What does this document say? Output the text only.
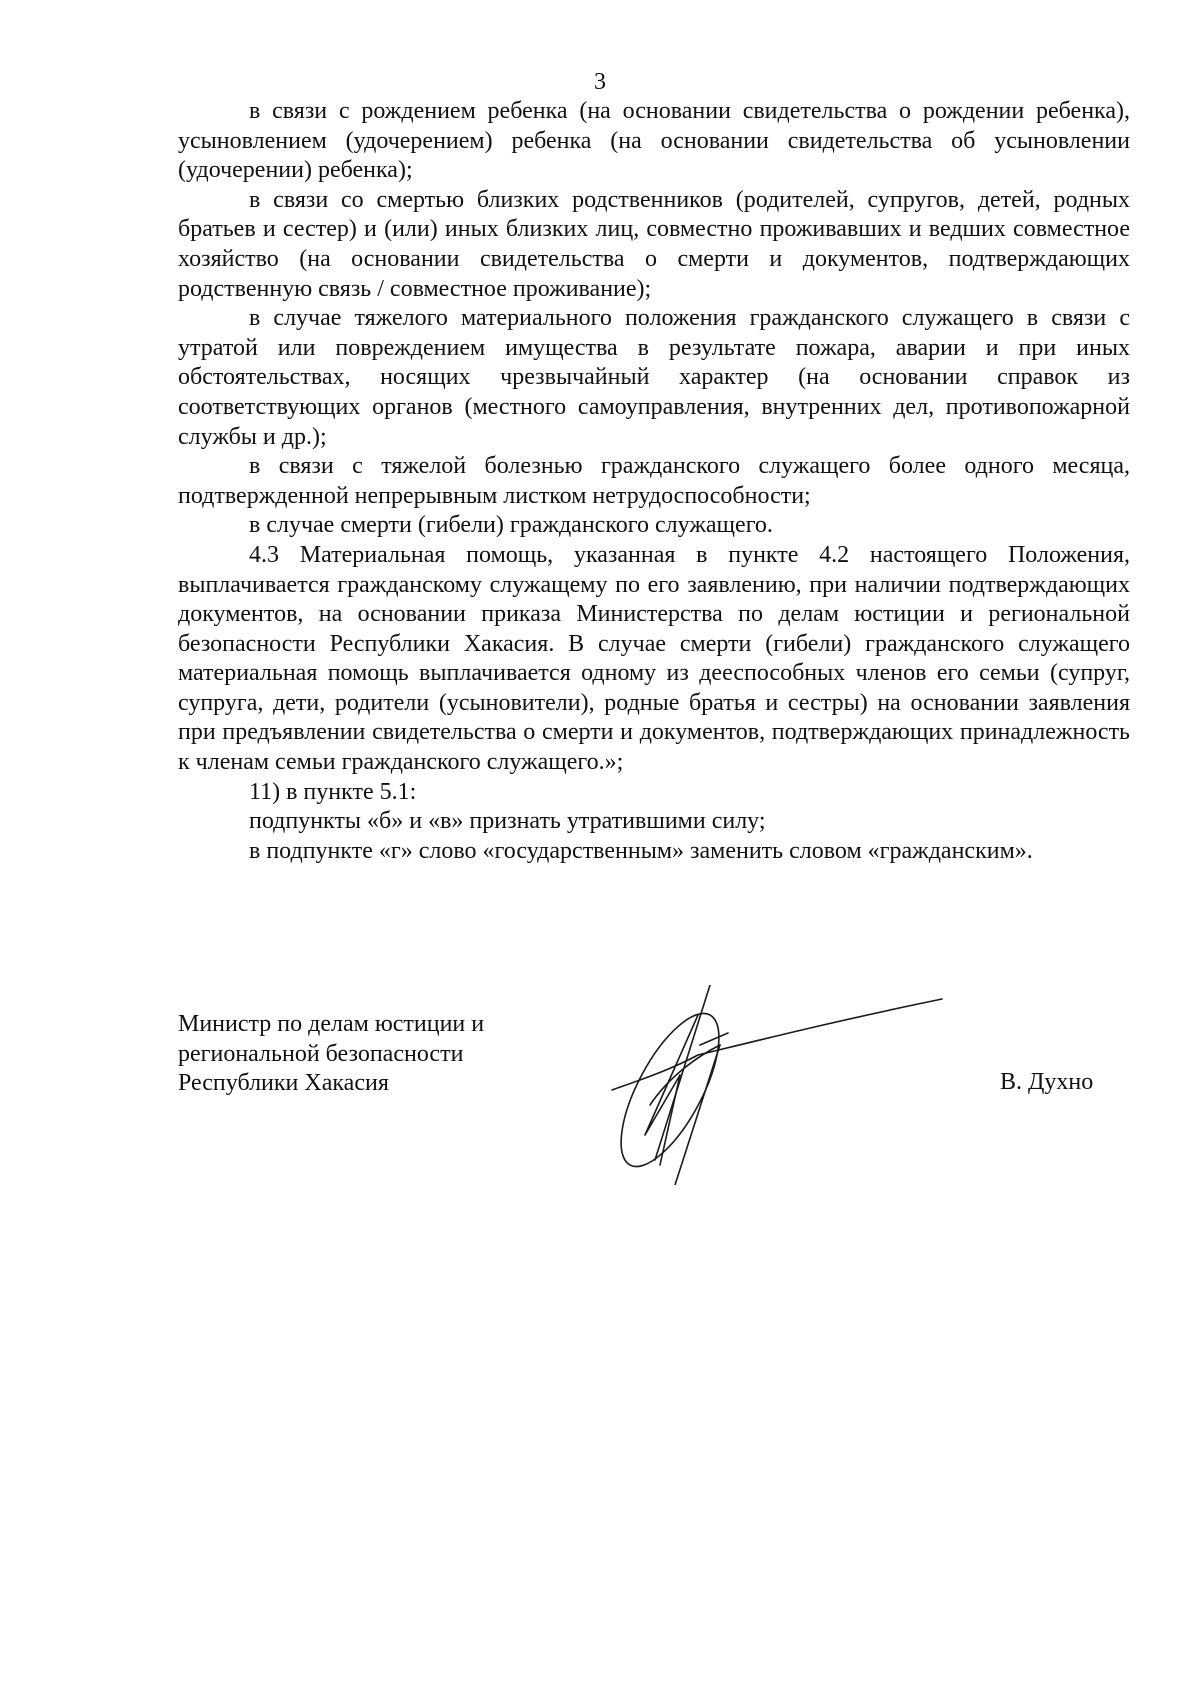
3

в связи с рождением ребенка (на основании свидетельства о рождении ребенка), усыновлением (удочерением) ребенка (на основании свидетельства об усыновлении (удочерении) ребенка);

в связи со смертью близких родственников (родителей, супругов, детей, родных братьев и сестер) и (или) иных близких лиц, совместно проживавших и ведших совместное хозяйство (на основании свидетельства о смерти и документов, подтверждающих родственную связь / совместное проживание);

в случае тяжелого материального положения гражданского служащего в связи с утратой или повреждением имущества в результате пожара, аварии и при иных обстоятельствах, носящих чрезвычайный характер (на основании справок из соответствующих органов (местного самоуправления, внутренних дел, противопожарной службы и др.);

в связи с тяжелой болезнью гражданского служащего более одного месяца, подтвержденной непрерывным листком нетрудоспособности;

в случае смерти (гибели) гражданского служащего.

4.3 Материальная помощь, указанная в пункте 4.2 настоящего Положения, выплачивается гражданскому служащему по его заявлению, при наличии подтверждающих документов, на основании приказа Министерства по делам юстиции и региональной безопасности Республики Хакасия. В случае смерти (гибели) гражданского служащего материальная помощь выплачивается одному из дееспособных членов его семьи (супруг, супруга, дети, родители (усыновители), родные братья и сестры) на основании заявления при предъявлении свидетельства о смерти и документов, подтверждающих принадлежность к членам семьи гражданского служащего.»;

11) в пункте 5.1:

подпункты «б» и «в» признать утратившими силу;

в подпункте «г» слово «государственным» заменить словом «гражданским».

Министр по делам юстиции и
региональной безопасности
Республики Хакасия	В. Духно
